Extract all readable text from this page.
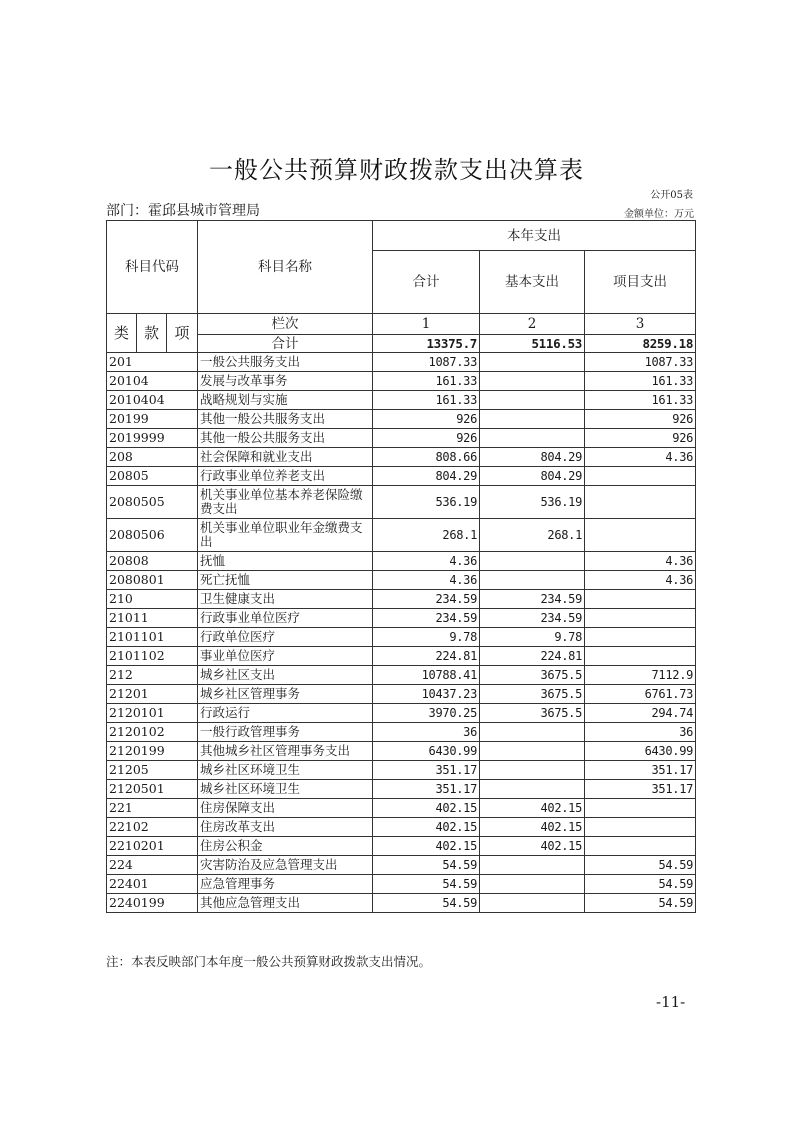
一般公共预算财政拨款支出决算表
公开05表
部门：霍邱县城市管理局	金额单位：万元
科目代码			科目名称	本年支出		
				合计	基本支出	项目支出
类	款	项	栏次	1	2	3
			合计	13375.7	5116.53	8259.18
201			一般公共服务支出	1087.33		1087.33
20104			发展与改革事务	161.33		161.33
2010404			战略规划与实施	161.33		161.33
20199			其他一般公共服务支出	926		926
2019999			其他一般公共服务支出	926		926
208			社会保障和就业支出	808.66	804.29	4.36
20805			行政事业单位养老支出	804.29	804.29	
2080505			机关事业单位基本养老保险缴费支出	536.19	536.19	
2080506			机关事业单位职业年金缴费支出	268.1	268.1	
20808			抚恤	4.36		4.36
2080801			死亡抚恤	4.36		4.36
210			卫生健康支出	234.59	234.59	
21011			行政事业单位医疗	234.59	234.59	
2101101			行政单位医疗	9.78	9.78	
2101102			事业单位医疗	224.81	224.81	
212			城乡社区支出	10788.41	3675.5	7112.9
21201			城乡社区管理事务	10437.23	3675.5	6761.73
2120101			行政运行	3970.25	3675.5	294.74
2120102			一般行政管理事务	36		36
2120199			其他城乡社区管理事务支出	6430.99		6430.99
21205			城乡社区环境卫生	351.17		351.17
2120501			城乡社区环境卫生	351.17		351.17
221			住房保障支出	402.15	402.15	
22102			住房改革支出	402.15	402.15	
2210201			住房公积金	402.15	402.15	
224			灾害防治及应急管理支出	54.59		54.59
22401			应急管理事务	54.59		54.59
2240199			其他应急管理支出	54.59		54.59
注：本表反映部门本年度一般公共预算财政拨款支出情况。
-11-
